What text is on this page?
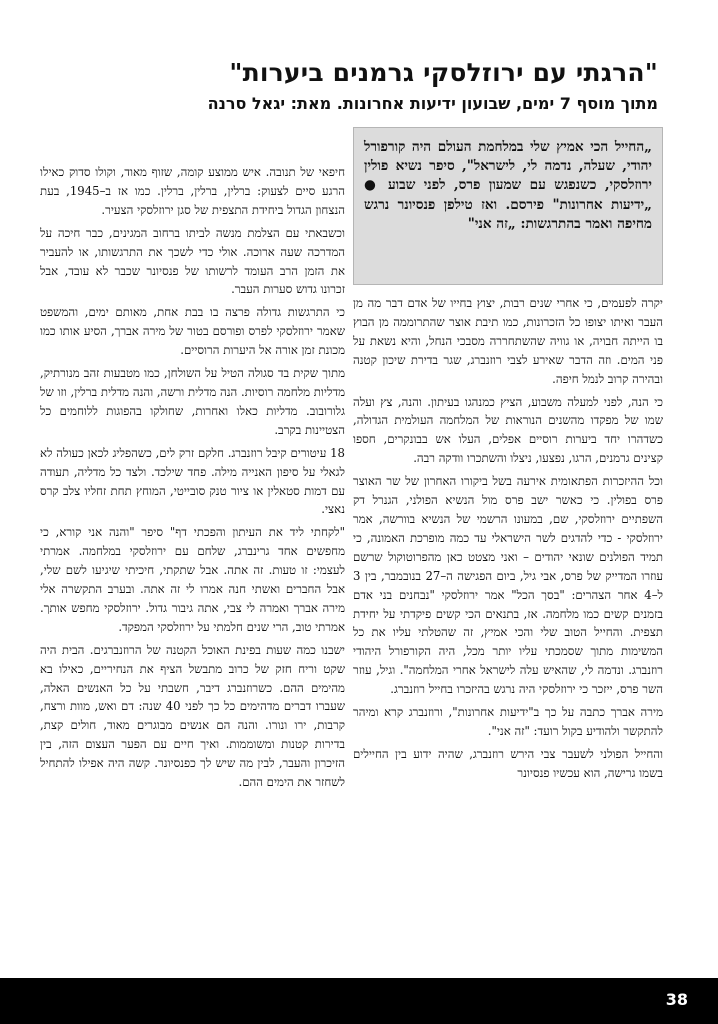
"הרגתי עם ירוזלסקי גרמנים ביערות"
מתוך מוסף 7 ימים, שבועון ידיעות אחרונות. מאת: יגאל סרנה
„החייל הכי אמיץ שלי במלחמת העולם היה קורפורל יהודי, שעלה, נדמה לי, לישראל", סיפר נשיא פולין ירוזלסקי, כשנפגש עם שמעון פרס, לפני שבוע ● „ידיעות אחרונות" פירסם. ואז טילפן פנסיונר נרגש מחיפה ואמר בהתרגשות: „זה אני"

יקרה לפעמים, כי אחרי שנים רבות, יצוץ בחייו של אדם דבר מה מן העבר ואיתו יצופו כל הזכרונות, כמו תיבת אוצר שהתרוממה מן הבוץ בו הייתה חבויה, או גוויה שהשתחררה מסבכי הנחל, והיא נשאת על פני המים. וזה הדבר שאירע לצבי רוזנברג, שגר בדירת שיכון קטנה ובהירה קרוב לנמל חיפה.

כי הנה, לפני למעלה משבוע, הציץ כמנהגו בעיתון. והנה, צץ ועלה שמו של מפקדו מהשנים הנוראות של המלחמה העולמית הגדולה, כשדהרו יחד ביערות רוסיים אפלים, העלו אש בבונקרים, חספו קצינים גרמנים, הרגו, נפצעו, ניצלו והשתכרו וודקה רבה.

וכל ההיזכרות הפתאומית אירעה בשל ביקורו האחרון של שר האוצר פרס בפולין. כי כאשר ישב פרס מול הנשיא הפולני, הגנרל דק השפתיים ירוזלסקי, שם, במעונו הרשמי של הנשיא בוורשה, אמר ירוזלסקי - כדי להדגים לשר הישראלי עד כמה מופרכת האמונה, כי תמיד הפולנים שונאי יהודים – ואני מצטט כאן מהפרוטוקול שרשם עוזרו המדייק של פרס, אבי גיל, ביום הפגישה ה–27 בנובמבר, בין 3 ל–4 אחר הצהרים: "בסך הכל" אמר ירוזלסקי "נבחנים בני אדם בזמנים קשים כמו מלחמה. אז, בתנאים הכי קשים פיקדתי על יחידת תצפית. והחייל הטוב שלי והכי אמיץ, זה שהטלתי עליו את כל המשימות מתוך שסמכתי עליו יותר מכל, היה הקורפורל היהודי רוזנברג. ונדמה לי, שהאיש עלה לישראל אחרי המלחמה". וגיל, עוזר השר פרס, ייזכר כי ירוזלסקי היה נרגש בהיזכרו בחייל רוזנברג.

מירה אברך כתבה על כך ב"ידיעות אחרונות", ורוזנברג קרא ומיהר להתקשר ולהודיע בקול רועד: "זה אני".

והחייל הפולני לשעבר צבי הירש רוזנברג, שהיה ידוע בין החיילים בשמו גרישה, הוא עכשיו פנסיונר

חיפאי של תנובה. איש ממוצע קומה, שזוף מאוד, וקולו סדוק כאילו הרגע סיים לצעוק: ברלין, ברלין, ברלין. כמו אז ב–1945, בעת הנצחון הגדול ביחידת התצפית של סגן ירוזלסקי הצעיר.

וכשבאתי עם הצלמת מנשה לביתו ברחוב המגינים, כבר חיכה על המדרכה שעה ארוכה. אולי כדי לשכך את התרגשותו, או להעביר את הזמן הרב העומד לרשותו של פנסיונר שכבר לא עובד, אבל זכרונו גדוש סערות העבר.

כי התרגשות גדולה פרצה בו בבת אחת, מאותם ימים, והמשפט שאמר ירוזלסקי לפרס ופורסם בטור של מירה אברך, הסיע אותו כמו מכונת זמן אורה אל היערות הרוסיים.

מתוך שקית בד סגולה הטיל על השולחן, כמו מטבעות זהב מנורתיק, מדליות מלחמה רוסיות. הנה מדלית ורשה, והנה מדלית ברלין, וזו של גלורובוב. מדליות כאלו ואחרות, שחולקו בהפוגות ללוחמים כל הצטיינות בקרב.

18 עיטורים קיבל רוזנברג. חלקם זרק לים, כשהפליג לכאן כעולה לא לגאלי על סיפון האנייה מילה. פחד שילכד. ולצד כל מדליה, תעודה עם דמות סטאלין או ציור טנק סובייטי, המוחץ תחת זחליו צלב קרס נאצי.

"לקחתי ליד את העיתון והפכתי דף" סיפר "והנה אני קורא, כי מחפשים אחד גרינברג, שלחם עם ירוזלסקי במלחמה. אמרתי לעצמי: זו טעות. זה אתה. אבל שתקתי, חיכיתי שיגיעו לשם שלי, אבל החברים ואשתי חנה אמרו לי זה אתה. ובערב התקשרה אלי מירה אברך ואמרה לי צבי, אתה גיבור גדול. ירוזלסקי מחפש אותך. אמרתי טוב, הרי שנים חלמתי על ירוזלסקי המפקד.

ישבנו כמה שעות בפינת האוכל הקטנה של הרוזנברגים. הבית היה שקט וריח חזק של כרוב מתבשל הציף את הנחיריים, כאילו בא מהימים ההם. כשרוזנברג דיבר, חשבתי על כל האנשים האלה, שעברו דברים מדהימים כל כך לפני 40 שנה: דם ואש, מוות ורצח, קרבות, ירו ונורו. והנה הם אנשים מבוגרים מאוד, חולים קצת, בדירות קטנות ומשוממות. ואיך חיים עם הפער העצום הזה, בין הזיכרון והעבר, לבין מה שיש לך כפנסיונר. קשה היה אפילו להתחיל לשחזר את הימים ההם.

38
